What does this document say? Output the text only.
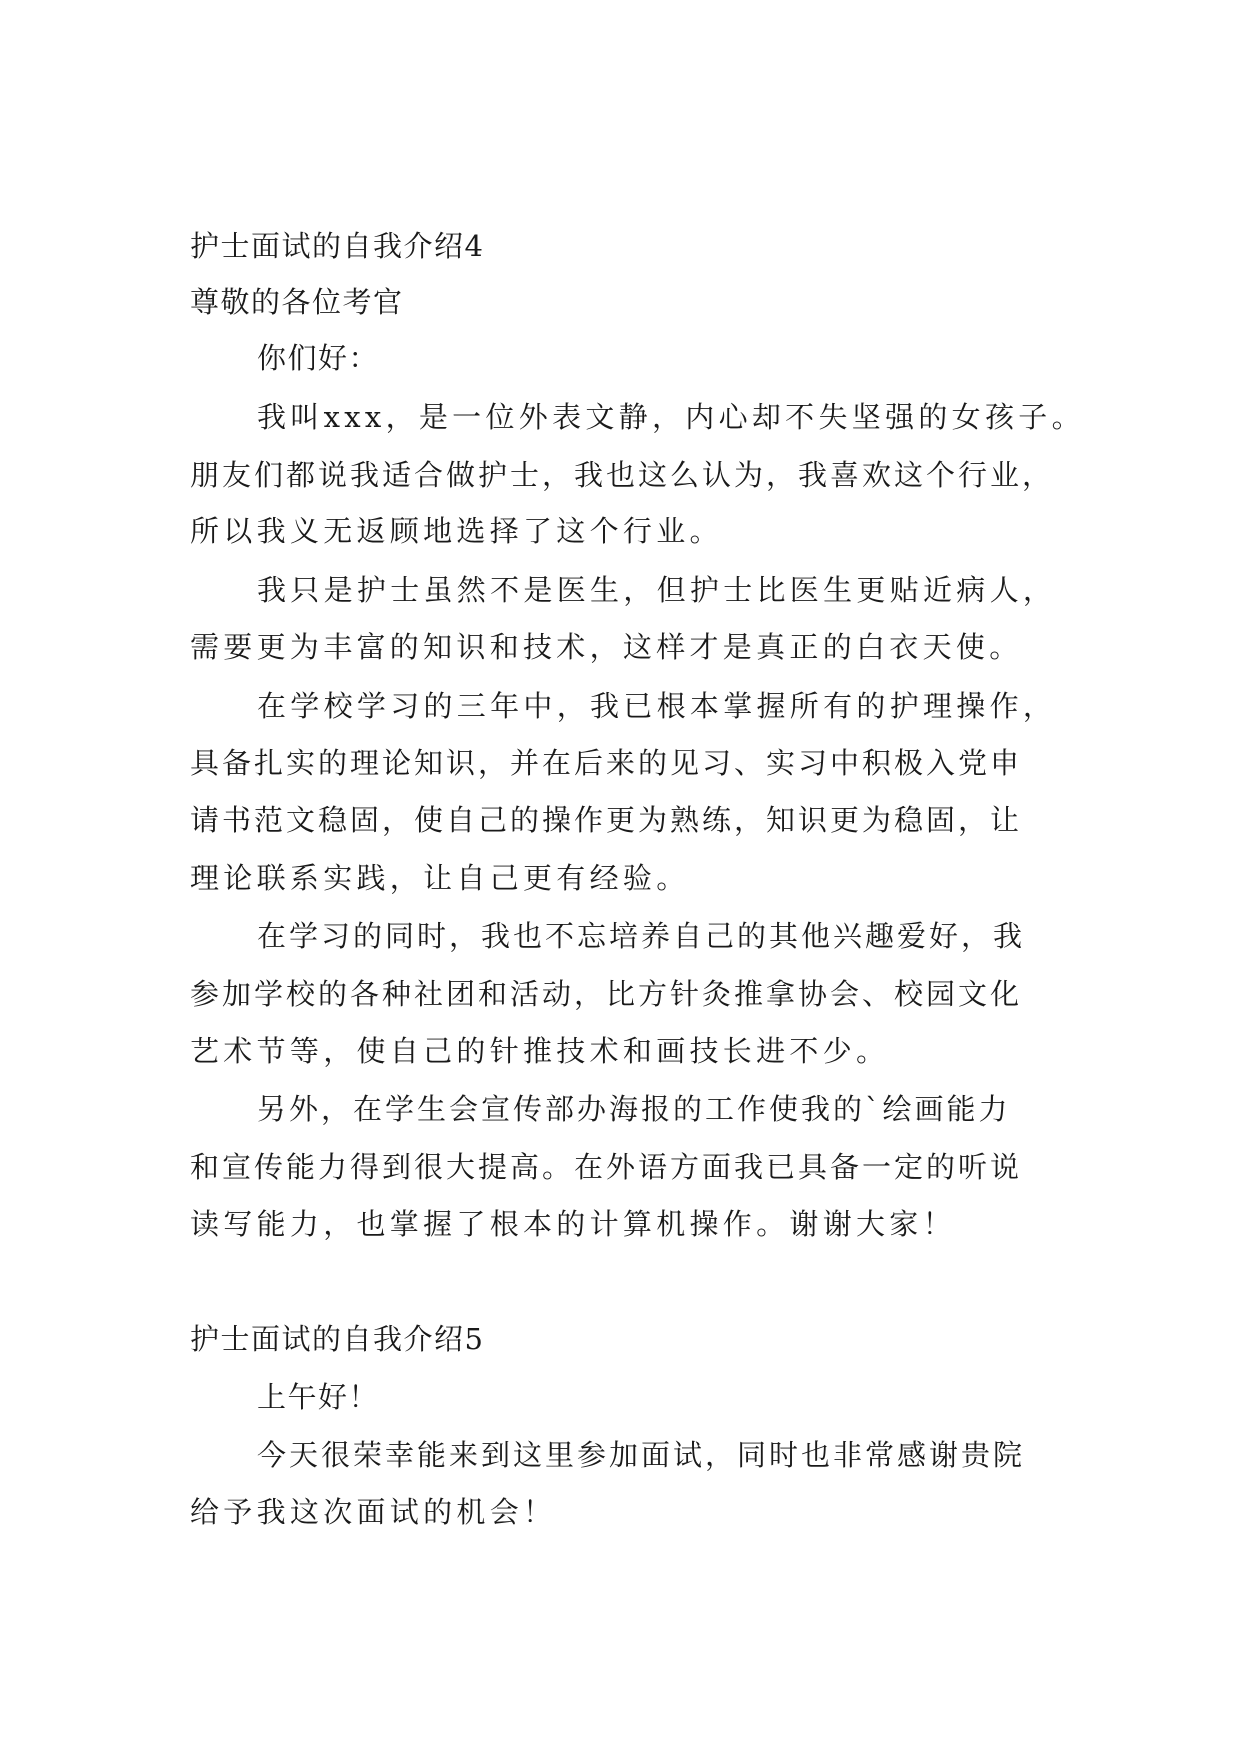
护士面试的自我介绍4
尊敬的各位考官
你们好：
我叫xxx，是一位外表文静，内心却不失坚强的女孩子。
朋友们都说我适合做护士，我也这么认为，我喜欢这个行业，
所以我义无返顾地选择了这个行业。
我只是护士虽然不是医生，但护士比医生更贴近病人，
需要更为丰富的知识和技术，这样才是真正的白衣天使。
在学校学习的三年中，我已根本掌握所有的护理操作，
具备扎实的理论知识，并在后来的见习、实习中积极入党申
请书范文稳固，使自己的操作更为熟练，知识更为稳固，让
理论联系实践，让自己更有经验。
在学习的同时，我也不忘培养自己的其他兴趣爱好，我
参加学校的各种社团和活动，比方针灸推拿协会、校园文化
艺术节等，使自己的针推技术和画技长进不少。
另外，在学生会宣传部办海报的工作使我的`绘画能力
和宣传能力得到很大提高。在外语方面我已具备一定的听说
读写能力，也掌握了根本的计算机操作。谢谢大家！
护士面试的自我介绍5
上午好！
今天很荣幸能来到这里参加面试，同时也非常感谢贵院
给予我这次面试的机会！
